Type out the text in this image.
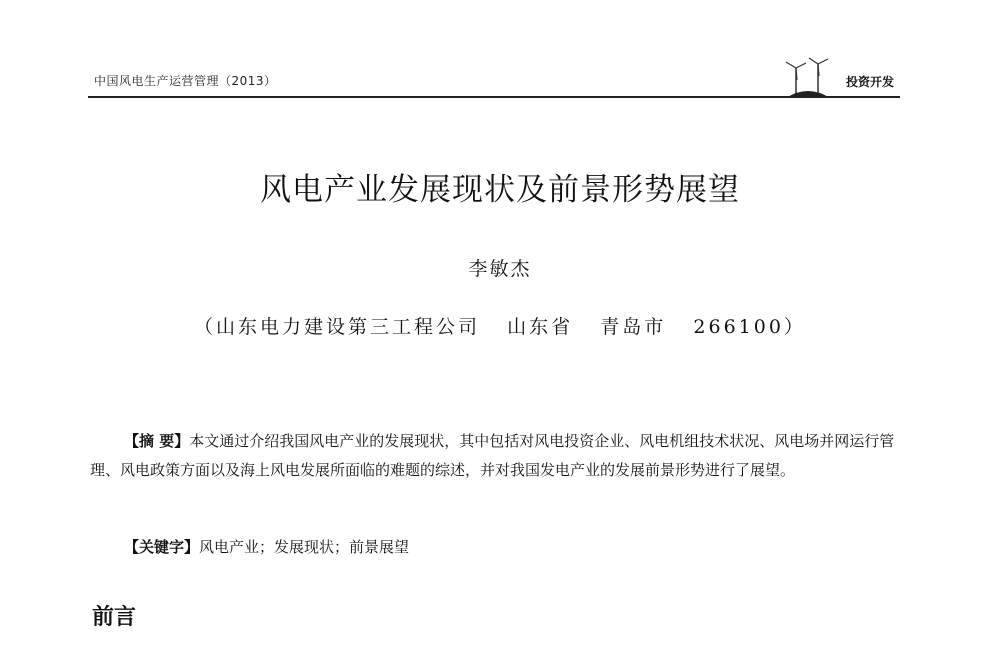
中国风电生产运营管理（2013）	投资开发
风电产业发展现状及前景形势展望
李敏杰
（山东电力建设第三工程公司   山东省   青岛市   266100）
【摘 要】本文通过介绍我国风电产业的发展现状，其中包括对风电投资企业、风电机组技术状况、风电场并网运行管理、风电政策方面以及海上风电发展所面临的难题的综述，并对我国发电产业的发展前景形势进行了展望。
【关键字】风电产业；发展现状；前景展望
前言
